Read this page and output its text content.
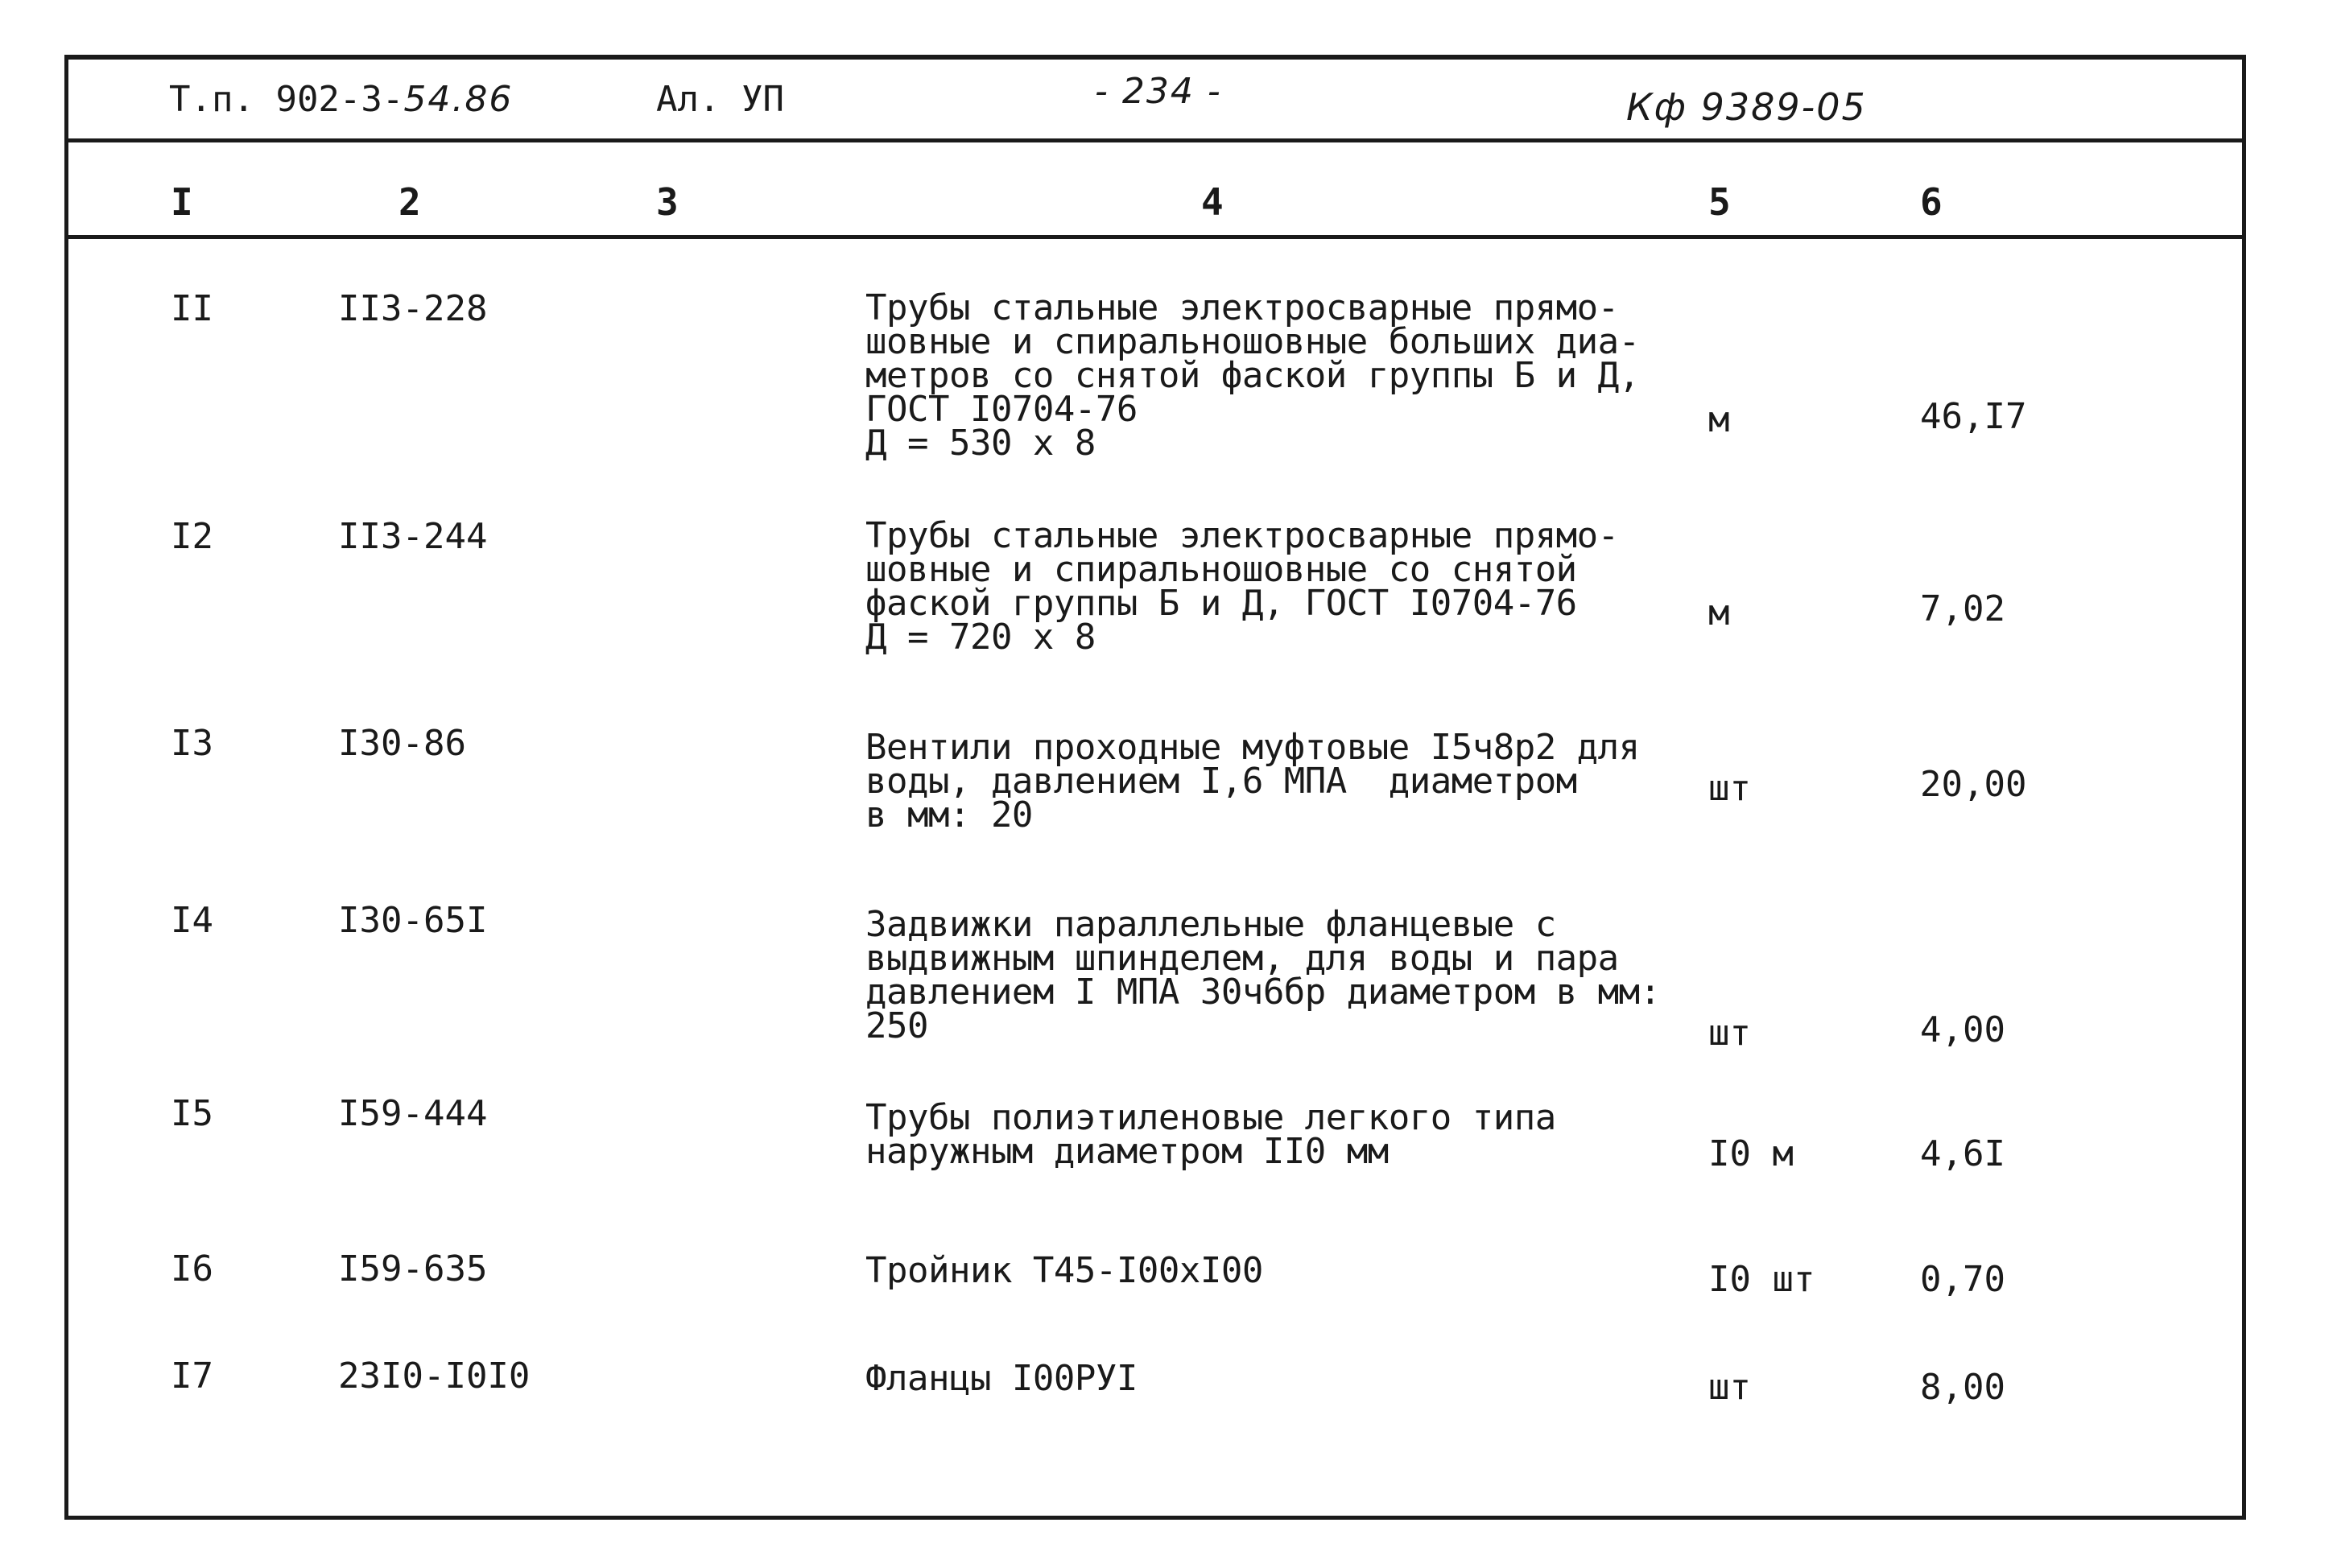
Т.п. 902-3-54.86	Ал. УП	- 234 -	Кф 9389-05
I	2	3	4	5	6
II	II3-228	Трубы стальные электросварные прямо-
шовные и спиральношовные больших диа-
метров со снятой фаской группы Б и Д,
ГОСТ I0704-76
Д = 530 х 8
м	46,I7
I2	II3-244	Трубы стальные электросварные прямо-
шовные и спиральношовные со снятой
фаской группы Б и Д, ГОСТ I0704-76
Д = 720 х 8
м	7,02
I3	I30-86	Вентили проходные муфтовые I5ч8р2 для
воды, давлением I,6 МПА  диаметром
в мм: 20
шт	20,00
I4	I30-65I	Задвижки параллельные фланцевые с
выдвижным шпинделем, для воды и пара
давлением I МПА 30ч6бр диаметром в мм:
250	шт	4,00
I5	I59-444	Трубы полиэтиленовые легкого типа
наружным диаметром II0 мм	I0 м	4,6I
I6	I59-635	Тройник Т45-I00хI00	I0 шт	0,70
I7	23I0-I0I0	Фланцы I00РУI	шт	8,00
